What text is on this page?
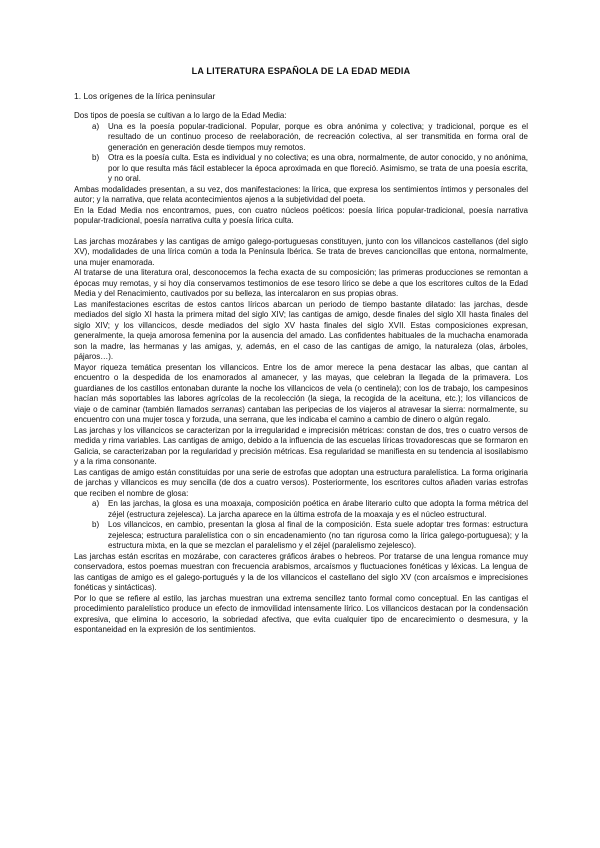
LA LITERATURA ESPAÑOLA DE LA EDAD MEDIA
1. Los orígenes de la lírica peninsular

Dos tipos de poesía se cultivan a lo largo de la Edad Media:

a) Una es la poesía popular-tradicional. Popular, porque es obra anónima y colectiva; y tradicional, porque es el resultado de un continuo proceso de reelaboración, de recreación colectiva, al ser transmitida en forma oral de generación en generación desde tiempos muy remotos.
b) Otra es la poesía culta. Esta es individual y no colectiva; es una obra, normalmente, de autor conocido, y no anónima, por lo que resulta más fácil establecer la época aproximada en que floreció. Asimismo, se trata de una poesía escrita, y no oral.

Ambas modalidades presentan, a su vez, dos manifestaciones: la lírica, que expresa los sentimientos íntimos y personales del autor; y la narrativa, que relata acontecimientos ajenos a la subjetividad del poeta.

En la Edad Media nos encontramos, pues, con cuatro núcleos poéticos: poesía lírica popular-tradicional, poesía narrativa popular-tradicional, poesía narrativa culta y poesía lírica culta.

Las jarchas mozárabes y las cantigas de amigo galego-portuguesas constituyen, junto con los villancicos castellanos (del siglo XV), modalidades de una lírica común a toda la Península Ibérica. Se trata de breves cancioncillas que entona, normalmente, una mujer enamorada.

Al tratarse de una literatura oral, desconocemos la fecha exacta de su composición; las primeras producciones se remontan a épocas muy remotas, y si hoy día conservamos testimonios de ese tesoro lírico se debe a que los escritores cultos de la Edad Media y del Renacimiento, cautivados por su belleza, las intercalaron en sus propias obras.

Las manifestaciones escritas de estos cantos líricos abarcan un periodo de tiempo bastante dilatado: las jarchas, desde mediados del siglo XI hasta la primera mitad del siglo XIV; las cantigas de amigo, desde finales del siglo XII hasta finales del siglo XIV; y los villancicos, desde mediados del siglo XV hasta finales del siglo XVII. Estas composiciones expresan, generalmente, la queja amorosa femenina por la ausencia del amado. Las confidentes habituales de la muchacha enamorada son la madre, las hermanas y las amigas, y, además, en el caso de las cantigas de amigo, la naturaleza (olas, árboles, pájaros…).

Mayor riqueza temática presentan los villancicos. Entre los de amor merece la pena destacar las albas, que cantan al encuentro o la despedida de los enamorados al amanecer, y las mayas, que celebran la llegada de la primavera. Los guardianes de los castillos entonaban durante la noche los villancicos de vela (o centinela); con los de trabajo, los campesinos hacían más soportables las labores agrícolas de la recolección (la siega, la recogida de la aceituna, etc.); los villancicos de viaje o de caminar (también llamados serranas) cantaban las peripecias de los viajeros al atravesar la sierra: normalmente, su encuentro con una mujer tosca y forzuda, una serrana, que les indicaba el camino a cambio de dinero o algún regalo.

Las jarchas y los villancicos se caracterizan por la irregularidad e imprecisión métricas: constan de dos, tres o cuatro versos de medida y rima variables. Las cantigas de amigo, debido a la influencia de las escuelas líricas trovadorescas que se formaron en Galicia, se caracterizaban por la regularidad y precisión métricas. Esa regularidad se manifiesta en su tendencia al isosilabismo y a la rima consonante.

Las cantigas de amigo están constituidas por una serie de estrofas que adoptan una estructura paralelística. La forma originaria de jarchas y villancicos es muy sencilla (de dos a cuatro versos). Posteriormente, los escritores cultos añaden varias estrofas que reciben el nombre de glosa:

a) En las jarchas, la glosa es una moaxaja, composición poética en árabe literario culto que adopta la forma métrica del zéjel (estructura zejelesca). La jarcha aparece en la última estrofa de la moaxaja y es el núcleo estructural.
b) Los villancicos, en cambio, presentan la glosa al final de la composición. Esta suele adoptar tres formas: estructura zejelesca; estructura paralelística con o sin encadenamiento (no tan rigurosa como la lírica galego-portuguesa); y la estructura mixta, en la que se mezclan el paralelismo y el zéjel (paralelismo zejelesco).

Las jarchas están escritas en mozárabe, con caracteres gráficos árabes o hebreos. Por tratarse de una lengua romance muy conservadora, estos poemas muestran con frecuencia arabismos, arcaísmos y fluctuaciones fonéticas y léxicas. La lengua de las cantigas de amigo es el galego-portugués y la de los villancicos el castellano del siglo XV (con arcaísmos e imprecisiones fonéticas y sintácticas).

Por lo que se refiere al estilo, las jarchas muestran una extrema sencillez tanto formal como conceptual. En las cantigas el procedimiento paralelístico produce un efecto de inmovilidad intensamente lírico. Los villancicos destacan por la condensación expresiva, que elimina lo accesorio, la sobriedad afectiva, que evita cualquier tipo de encarecimiento o desmesura, y la espontaneidad en la expresión de los sentimientos.
